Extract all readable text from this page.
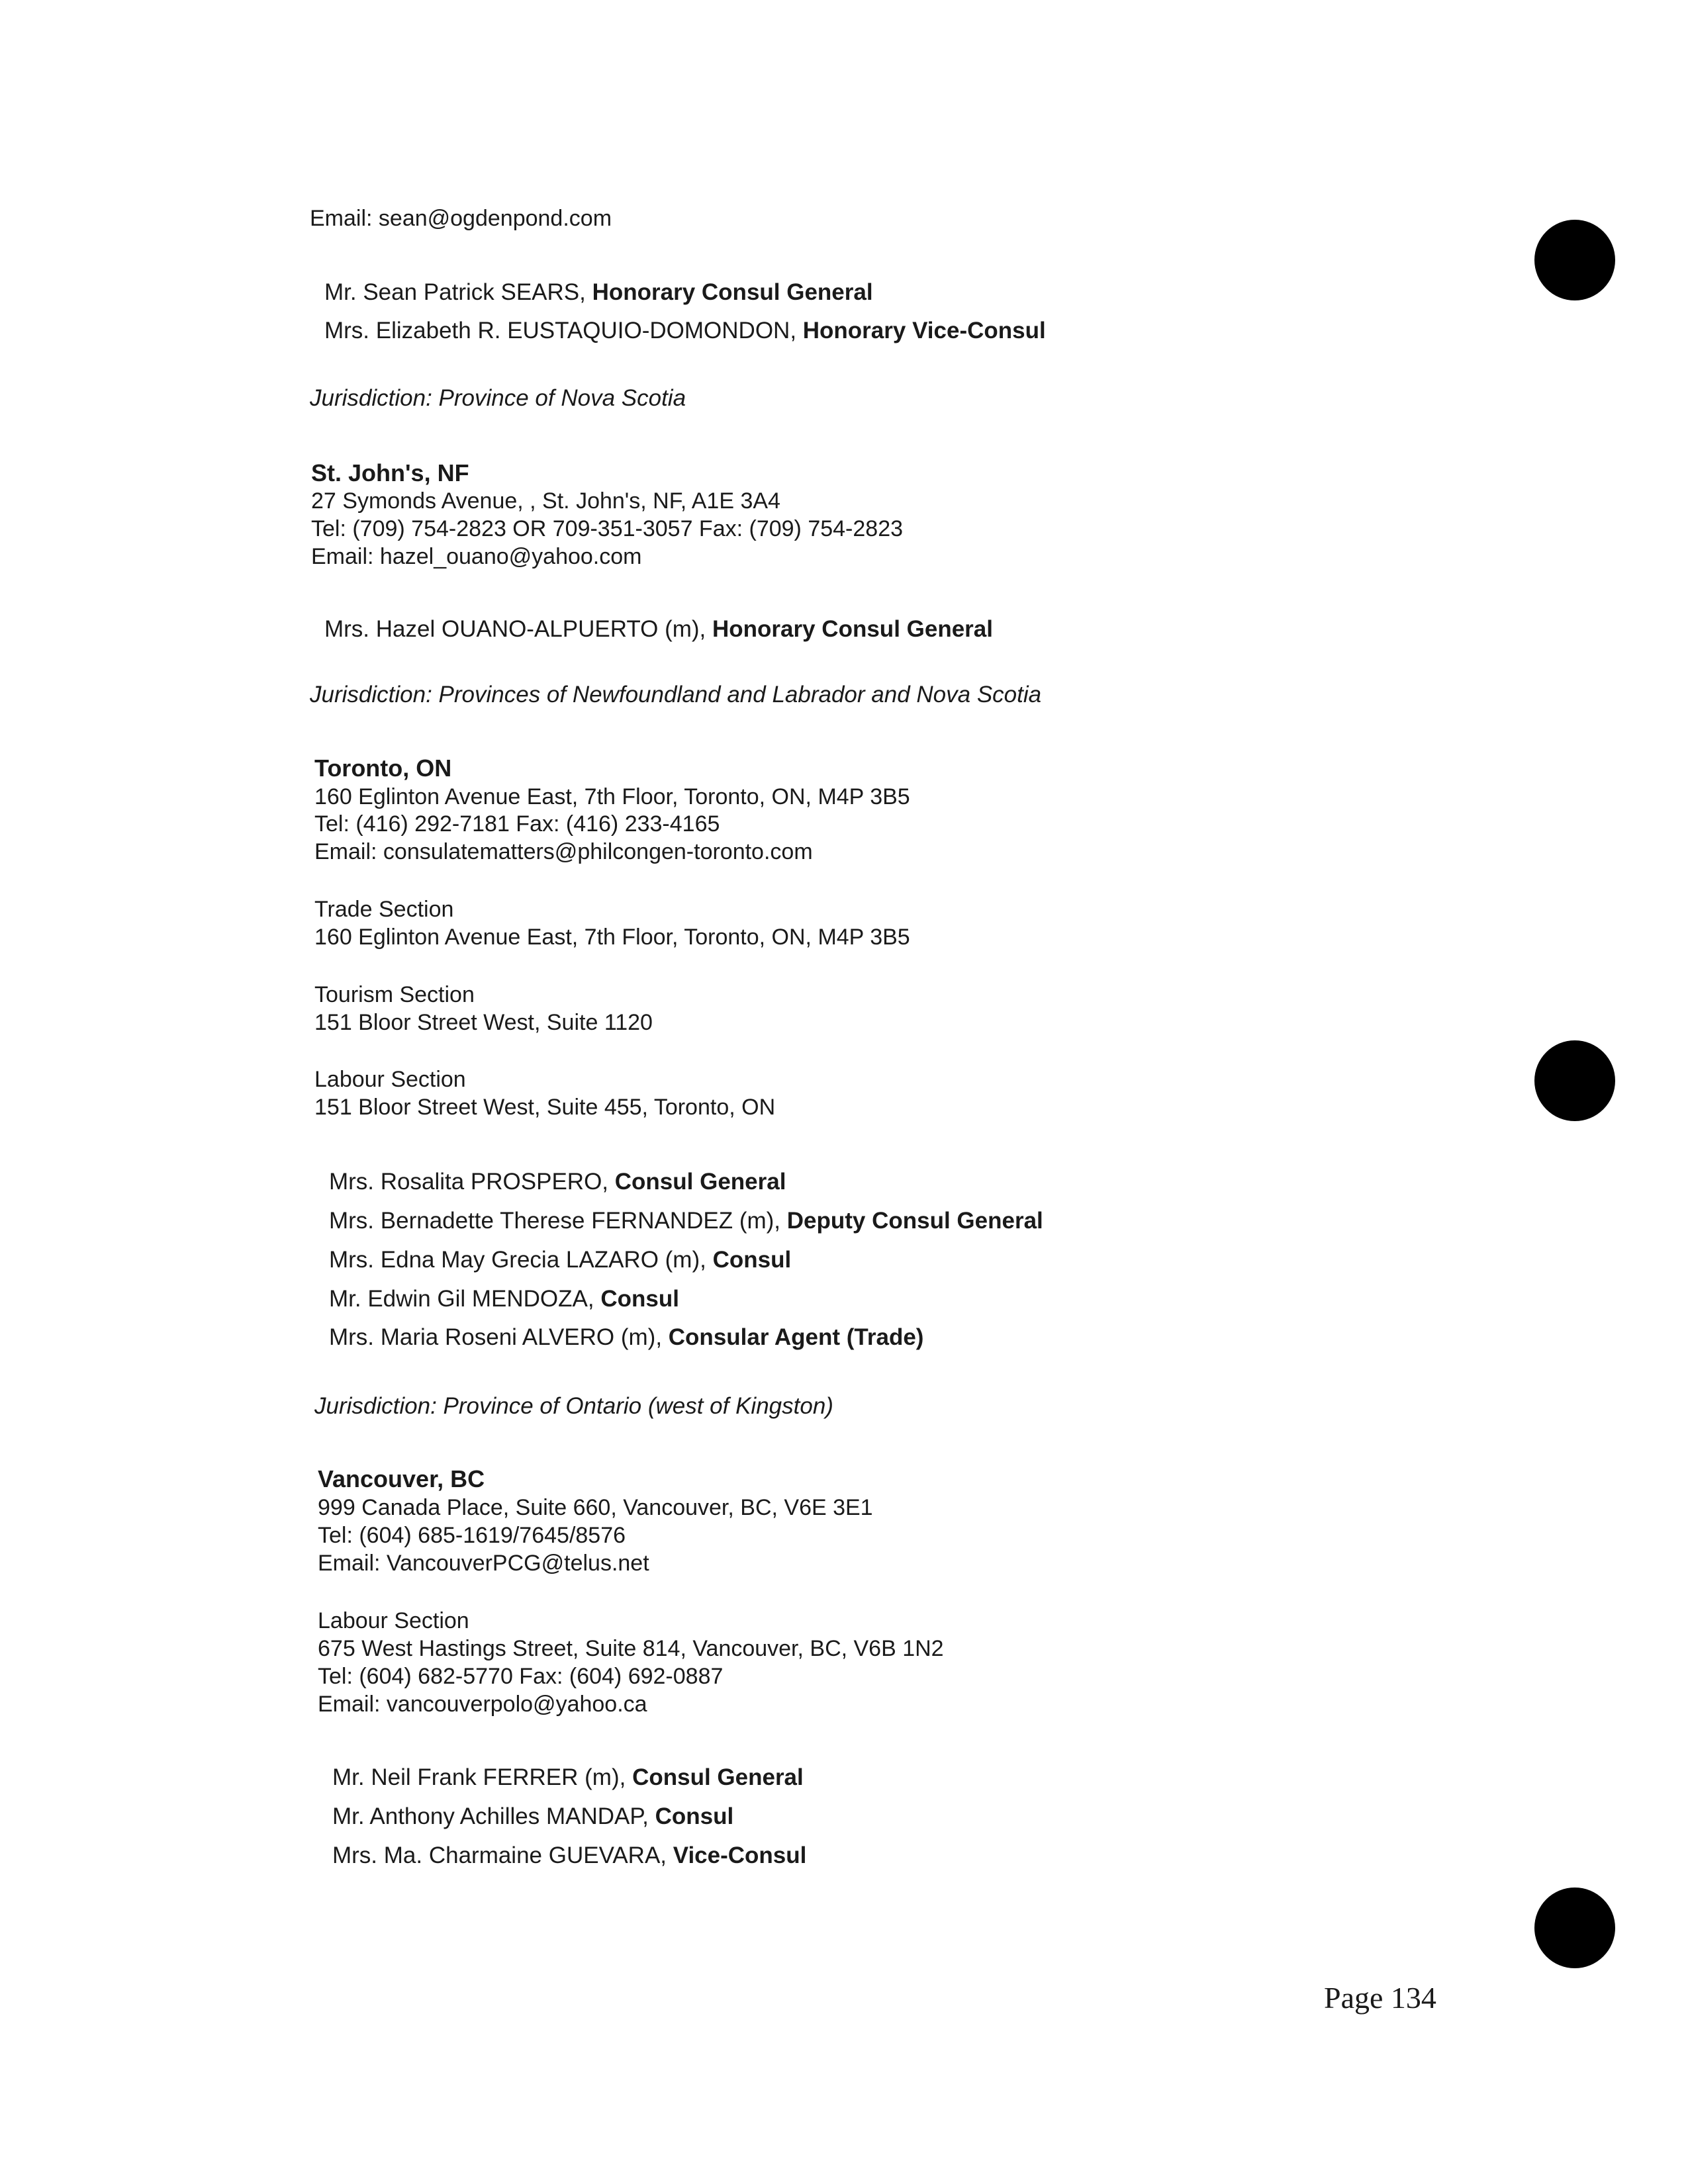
Email: sean@ogdenpond.com
Mr. Sean Patrick SEARS, Honorary Consul General
Mrs. Elizabeth R. EUSTAQUIO-DOMONDON, Honorary Vice-Consul
Jurisdiction: Province of Nova Scotia
St. John's, NF
27 Symonds Avenue, , St. John's, NF, A1E 3A4
Tel: (709) 754-2823 OR 709-351-3057 Fax: (709) 754-2823
Email: hazel_ouano@yahoo.com
Mrs. Hazel OUANO-ALPUERTO (m), Honorary Consul General
Jurisdiction: Provinces of Newfoundland and Labrador and Nova Scotia
Toronto, ON
160 Eglinton Avenue East, 7th Floor, Toronto, ON, M4P 3B5
Tel: (416) 292-7181 Fax: (416) 233-4165
Email: consulatematters@philcongen-toronto.com
Trade Section
160 Eglinton Avenue East, 7th Floor, Toronto, ON, M4P 3B5
Tourism Section
151 Bloor Street West, Suite 1120
Labour Section
151 Bloor Street West, Suite 455, Toronto, ON
Mrs. Rosalita PROSPERO, Consul General
Mrs. Bernadette Therese FERNANDEZ (m), Deputy Consul General
Mrs. Edna May Grecia LAZARO (m), Consul
Mr. Edwin Gil MENDOZA, Consul
Mrs. Maria Roseni ALVERO (m), Consular Agent (Trade)
Jurisdiction: Province of Ontario (west of Kingston)
Vancouver, BC
999 Canada Place, Suite 660, Vancouver, BC, V6E 3E1
Tel: (604) 685-1619/7645/8576
Email: VancouverPCG@telus.net
Labour Section
675 West Hastings Street, Suite 814, Vancouver, BC, V6B 1N2
Tel: (604) 682-5770 Fax: (604) 692-0887
Email: vancouverpolo@yahoo.ca
Mr. Neil Frank FERRER (m), Consul General
Mr. Anthony Achilles MANDAP, Consul
Mrs. Ma. Charmaine GUEVARA, Vice-Consul
Page 134
